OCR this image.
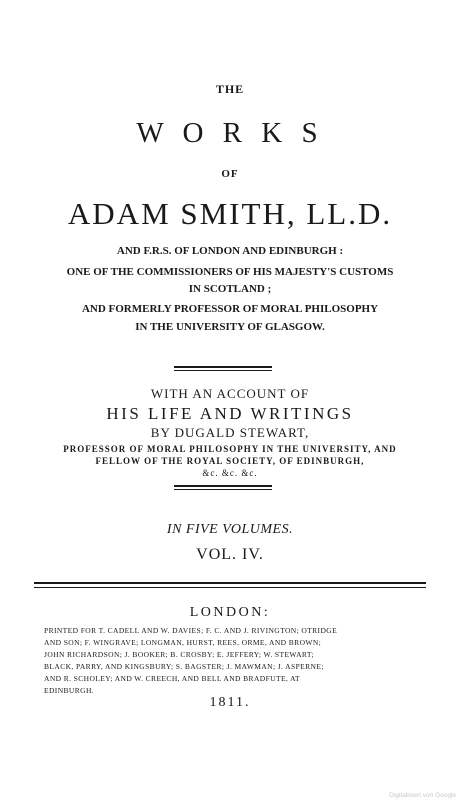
THE
W O R K S
OF
ADAM SMITH, LL.D.
AND F.R.S. OF LONDON AND EDINBURGH :
ONE OF THE COMMISSIONERS OF HIS MAJESTY'S CUSTOMS
IN SCOTLAND ;
AND FORMERLY PROFESSOR OF MORAL PHILOSOPHY
IN THE UNIVERSITY OF GLASGOW.
WITH AN ACCOUNT OF
HIS LIFE AND WRITINGS
BY DUGALD STEWART,
PROFESSOR OF MORAL PHILOSOPHY IN THE UNIVERSITY, AND
FELLOW OF THE ROYAL SOCIETY, OF EDINBURGH,
&c. &c. &c.
IN FIVE VOLUMES.
VOL. IV.
LONDON:
PRINTED FOR T. CADELL AND W. DAVIES; F. C. AND J. RIVINGTON; OTRIDGE
AND SON; F. WINGRAVE; LONGMAN, HURST, REES, ORME, AND BROWN;
JOHN RICHARDSON; J. BOOKER; B. CROSBY; E. JEFFERY; W. STEWART;
BLACK, PARRY, AND KINGSBURY; S. BAGSTER; J. MAWMAN; J. ASPERNE;
AND R. SCHOLEY; AND W. CREECH, AND BELL AND BRADFUTE, AT
EDINBURGH.
1811.
Digitalisiert von Google
